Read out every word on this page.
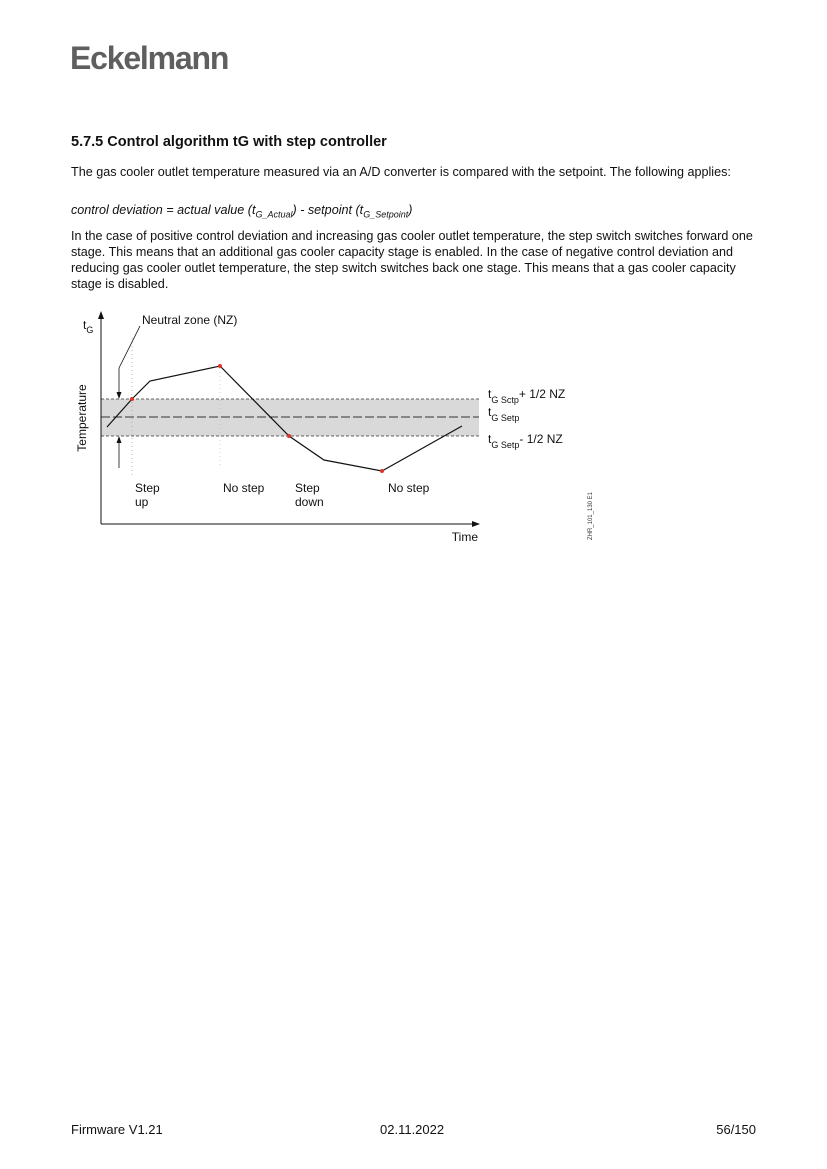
Eckelmann
5.7.5 Control algorithm tG with step controller

The gas cooler outlet temperature measured via an A/D converter is compared with the setpoint. The following applies:

control deviation = actual value $(t_{G\_Actual})$ - setpoint $(t_{G\_Setpoint})$

In the case of positive control deviation and increasing gas cooler outlet temperature, the step switch switches forward one stage. This means that an additional gas cooler capacity stage is enabled. In the case of negative control deviation and reducing gas cooler outlet temperature, the step switch switches back one stage. This means that a gas cooler capacity stage is disabled.

$t_G$
Temperature
Time
Neutral zone (NZ)
$t_{G Sctp}+ 1/2$ NZ
$t_{G Setp}$
$t_{G Setp}-$ 1/2 NZ
Step up
No step	Step down
No step
ZHR_101_130 E1
Firmware V1.21	02.11.2022	56/150
